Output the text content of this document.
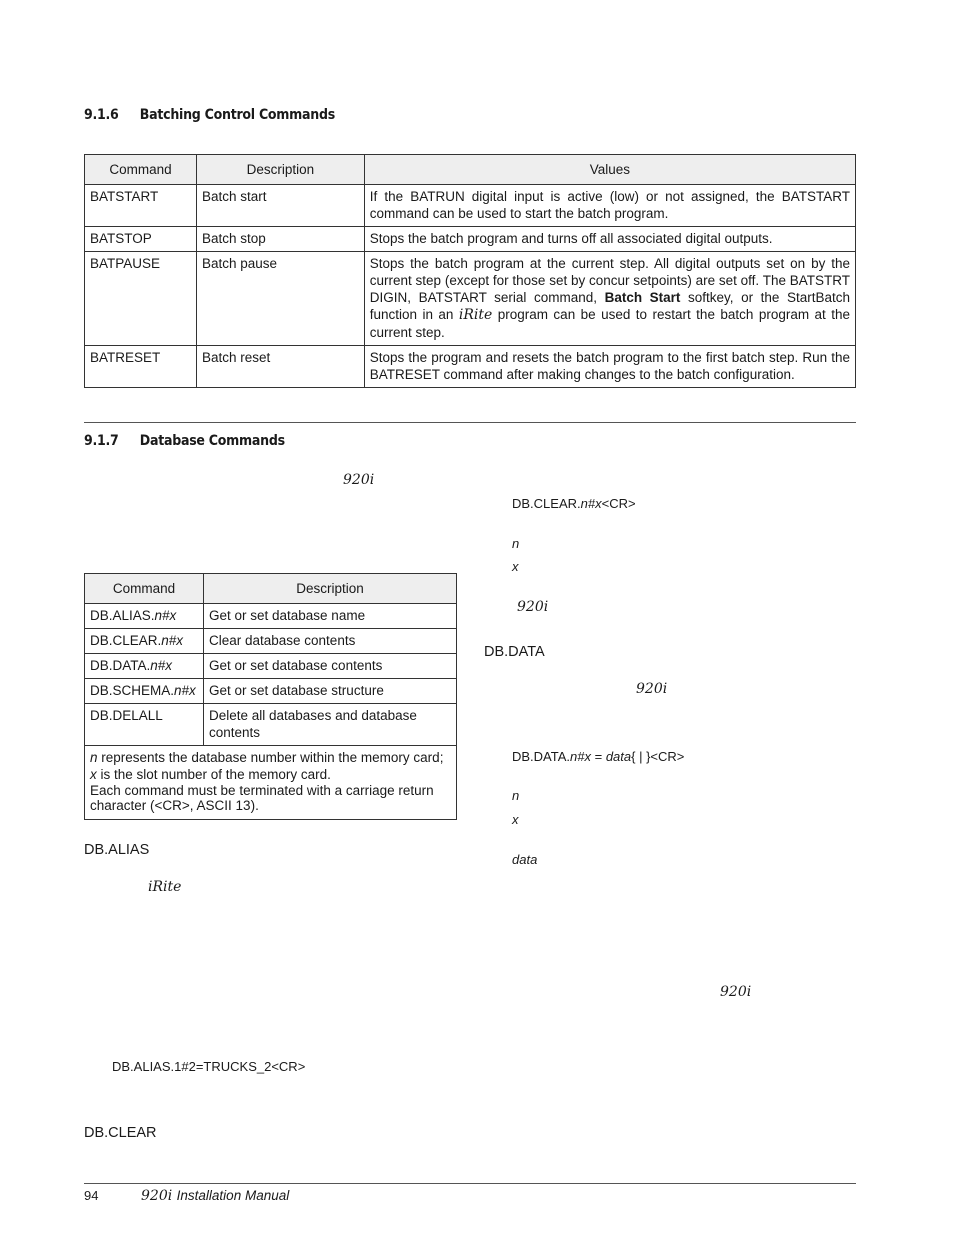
9.1.6 Batching Control Commands
Command	Description	Values
BATSTART	Batch start	If the BATRUN digital input is active (low) or not assigned, the BATSTART command can be used to start the batch program.
BATSTOP	Batch stop	Stops the batch program and turns off all associated digital outputs.
BATPAUSE	Batch pause	Stops the batch program at the current step. All digital outputs set on by the current step (except for those set by concur setpoints) are set off. The BATSTRT DIGIN, BATSTART serial command, Batch Start softkey, or the StartBatch function in an iRite program can be used to restart the batch program at the current step.
BATRESET	Batch reset	Stops the program and resets the batch program to the first batch step. Run the BATRESET command after making changes to the batch configuration.
9.1.7 Database Commands
920i
Command	Description
DB.ALIAS.n#x	Get or set database name
DB.CLEAR.n#x	Clear database contents
DB.DATA.n#x	Get or set database contents
DB.SCHEMA.n#x	Get or set database structure
DB.DELALL	Delete all databases and database contents

n represents the database number within the memory card;
x is the slot number of the memory card.
Each command must be terminated with a carriage return character (<CR>, ASCII 13).	
DB.ALIAS
iRite
DB.ALIAS.1#2=TRUCKS_2<CR>
DB.CLEAR
DB.CLEAR.n#x<CR>
n
x
920i
DB.DATA
920i
DB.DATA.n#x = data{ | }<CR>
n
x
data
920i
94	920i Installation Manual
